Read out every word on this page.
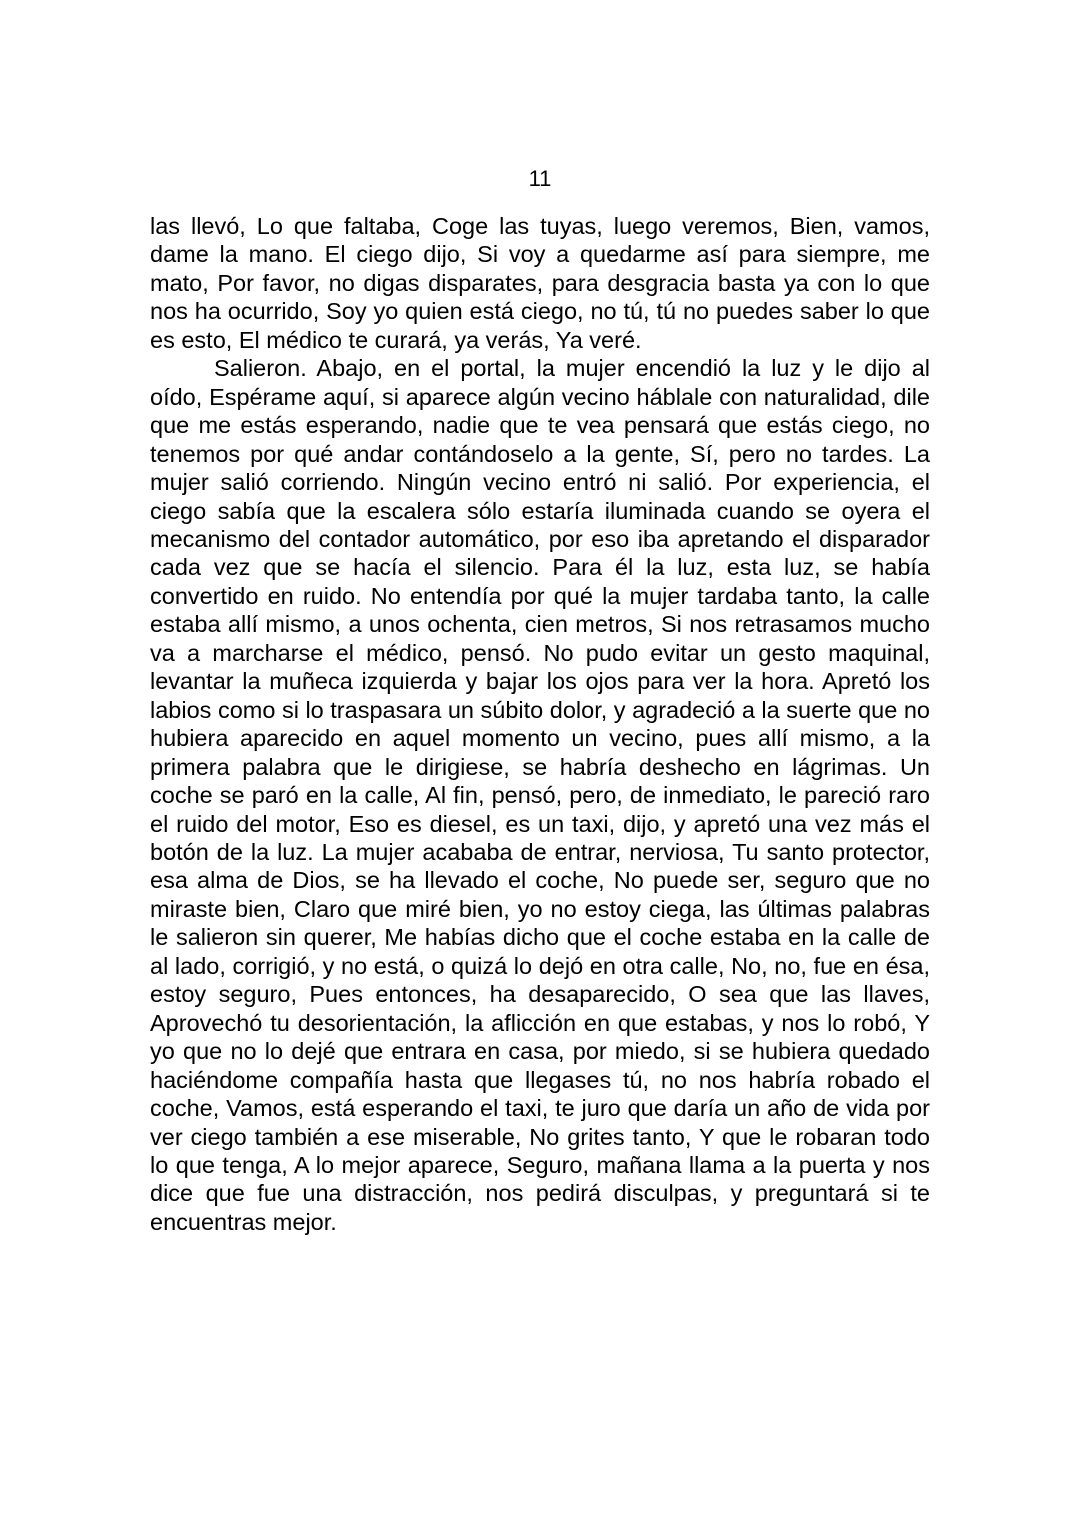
11

las llevó, Lo que faltaba, Coge las tuyas, luego veremos, Bien, vamos, dame la mano. El ciego dijo, Si voy a quedarme así para siempre, me mato, Por favor, no digas disparates, para desgracia basta ya con lo que nos ha ocurrido, Soy yo quien está ciego, no tú, tú no puedes saber lo que es esto, El médico te curará, ya verás, Ya veré.

Salieron. Abajo, en el portal, la mujer encendió la luz y le dijo al oído, Espérame aquí, si aparece algún vecino háblale con naturalidad, dile que me estás esperando, nadie que te vea pensará que estás ciego, no tenemos por qué andar contándoselo a la gente, Sí, pero no tardes. La mujer salió corriendo. Ningún vecino entró ni salió. Por experiencia, el ciego sabía que la escalera sólo estaría iluminada cuando se oyera el mecanismo del contador automático, por eso iba apretando el disparador cada vez que se hacía el silencio. Para él la luz, esta luz, se había convertido en ruido. No entendía por qué la mujer tardaba tanto, la calle estaba allí mismo, a unos ochenta, cien metros, Si nos retrasamos mucho va a marcharse el médico, pensó. No pudo evitar un gesto maquinal, levantar la muñeca izquierda y bajar los ojos para ver la hora. Apretó los labios como si lo traspasara un súbito dolor, y agradeció a la suerte que no hubiera aparecido en aquel momento un vecino, pues allí mismo, a la primera palabra que le dirigiese, se habría deshecho en lágrimas. Un coche se paró en la calle, Al fin, pensó, pero, de inmediato, le pareció raro el ruido del motor, Eso es diesel, es un taxi, dijo, y apretó una vez más el botón de la luz. La mujer acababa de entrar, nerviosa, Tu santo protector, esa alma de Dios, se ha llevado el coche, No puede ser, seguro que no miraste bien, Claro que miré bien, yo no estoy ciega, las últimas palabras le salieron sin querer, Me habías dicho que el coche estaba en la calle de al lado, corrigió, y no está, o quizá lo dejó en otra calle, No, no, fue en ésa, estoy seguro, Pues entonces, ha desaparecido, O sea que las llaves, Aprovechó tu desorientación, la aflicción en que estabas, y nos lo robó, Y yo que no lo dejé que entrara en casa, por miedo, si se hubiera quedado haciéndome compañía hasta que llegases tú, no nos habría robado el coche, Vamos, está esperando el taxi, te juro que daría un año de vida por ver ciego también a ese miserable, No grites tanto, Y que le robaran todo lo que tenga, A lo mejor aparece, Seguro, mañana llama a la puerta y nos dice que fue una distracción, nos pedirá disculpas, y preguntará si te encuentras mejor.
